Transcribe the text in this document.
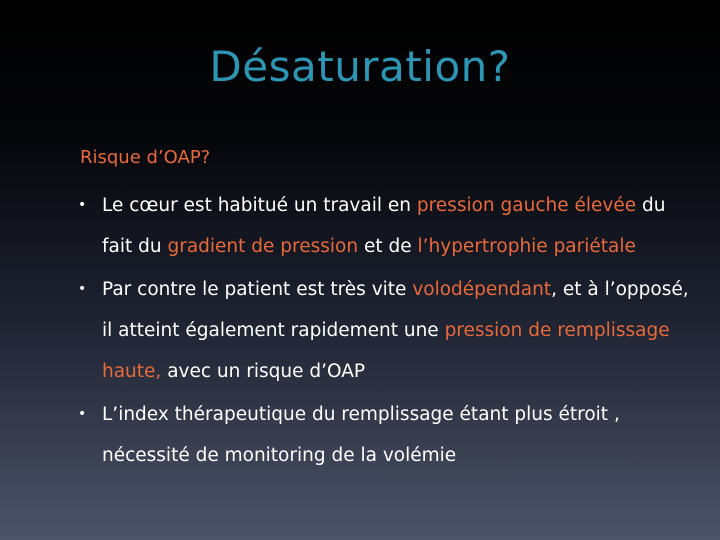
Désaturation?
Risque d’OAP?
• Le cœur est habitué un travail en pression gauche élevée du fait du gradient de pression et de l’hypertrophie pariétale
• Par contre le patient est très vite volodépendant, et à l’opposé, il atteint également rapidement une pression de remplissage haute, avec un risque d’OAP
• L’index thérapeutique du remplissage étant plus étroit , nécessité de monitoring de la volémie
